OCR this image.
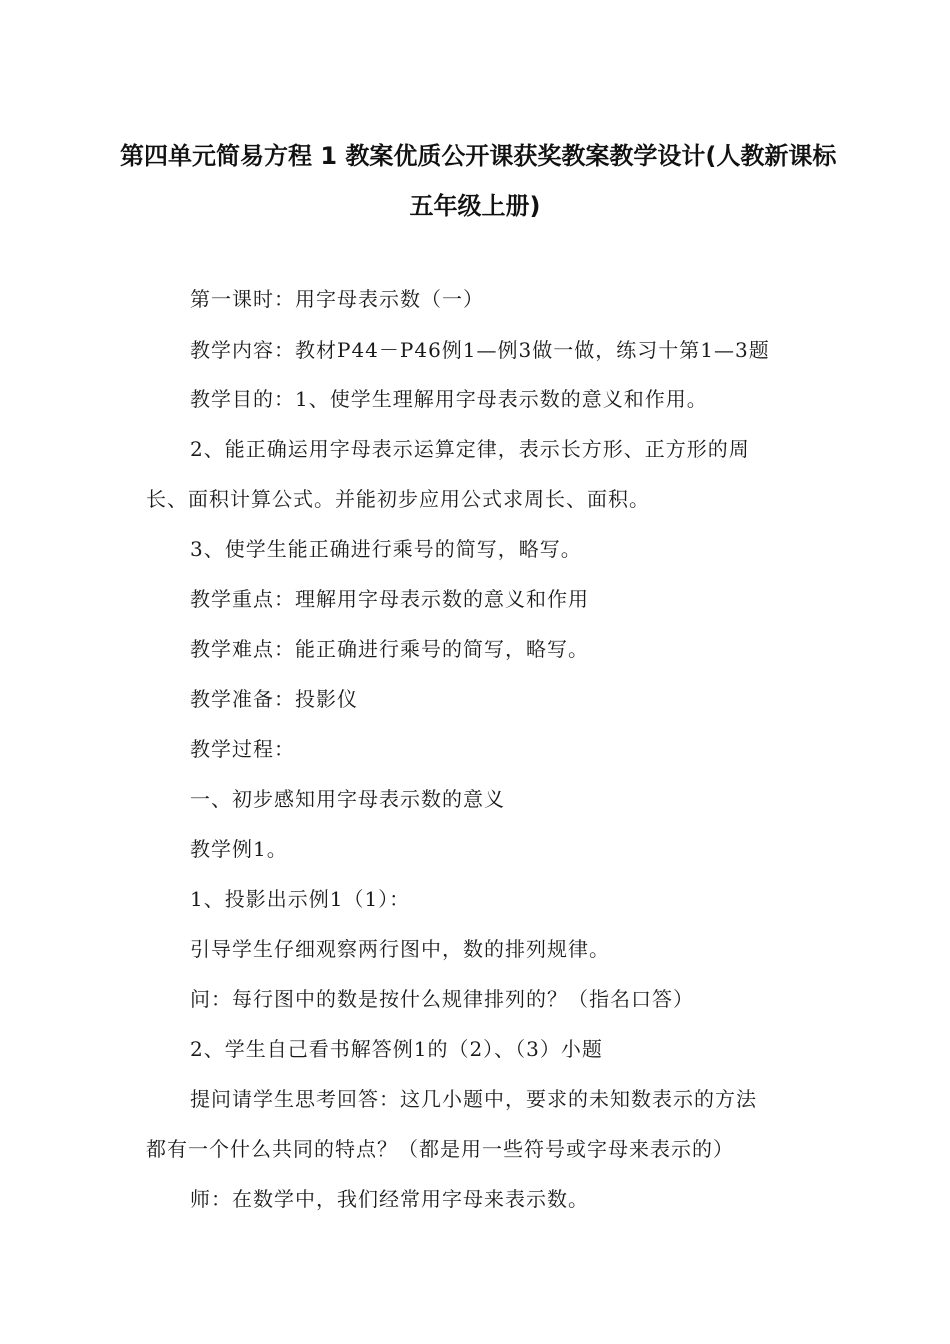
第四单元简易方程 1 教案优质公开课获奖教案教学设计(人教新课标
五年级上册)
第一课时：用字母表示数（一）
教学内容：教材P44－P46例1—例3做一做，练习十第1—3题
教学目的：1、使学生理解用字母表示数的意义和作用。
2、能正确运用字母表示运算定律，表示长方形、正方形的周
长、面积计算公式。并能初步应用公式求周长、面积。
3、使学生能正确进行乘号的简写，略写。
教学重点：理解用字母表示数的意义和作用
教学难点：能正确进行乘号的简写，略写。
教学准备：投影仪
教学过程：
一、初步感知用字母表示数的意义
教学例1。
1、投影出示例1（1）：
引导学生仔细观察两行图中，数的排列规律。
问：每行图中的数是按什么规律排列的？（指名口答）
2、学生自己看书解答例1的（2）、（3）小题
提问请学生思考回答：这几小题中，要求的未知数表示的方法
都有一个什么共同的特点？（都是用一些符号或字母来表示的）
师：在数学中，我们经常用字母来表示数。
